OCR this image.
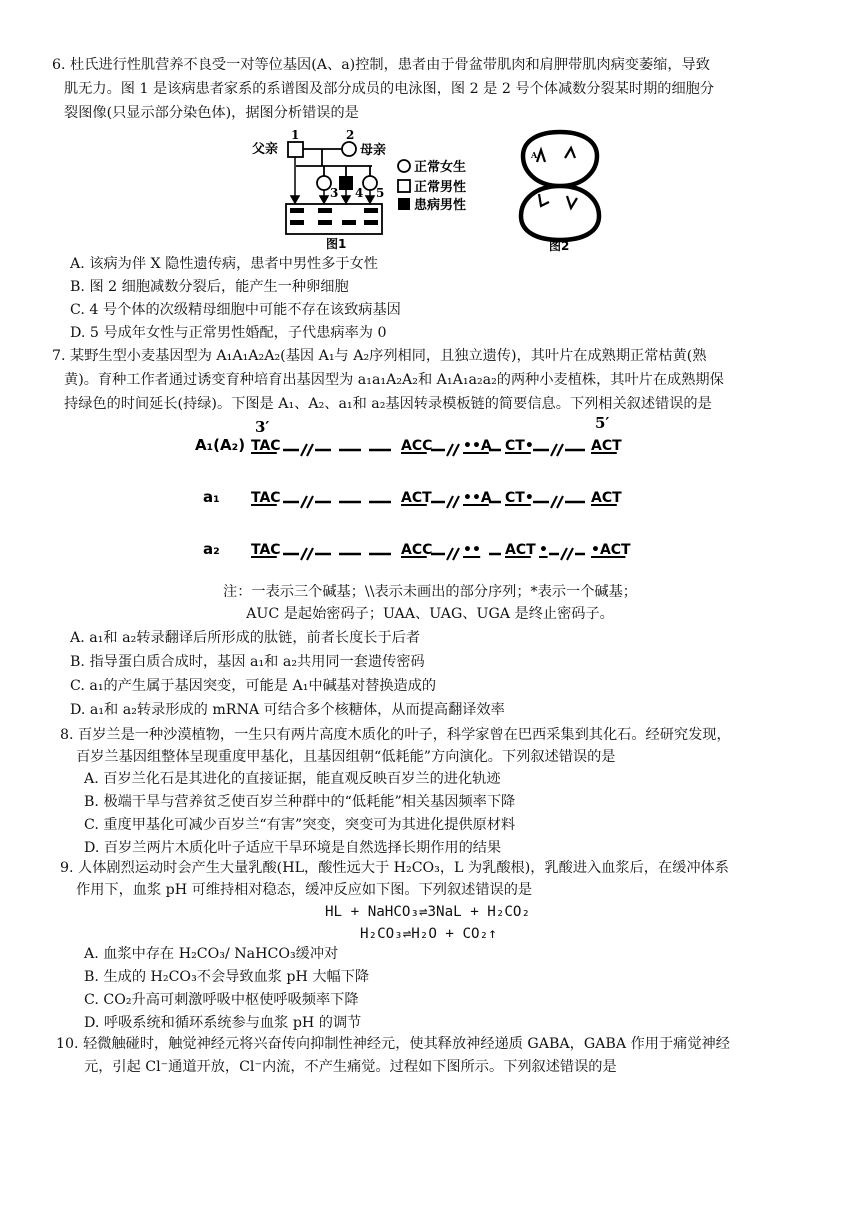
6. 杜氏进行性肌营养不良受一对等位基因(A、a)控制，患者由于骨盆带肌肉和肩胛带肌肉病变萎缩，导致
肌无力。图 1 是该病患者家系的系谱图及部分成员的电泳图，图 2 是 2 号个体减数分裂某时期的细胞分
裂图像(只显示部分染色体)，据图分析错误的是
父亲
1	2
母亲
3 4 5
图1
正常女生
正常男性
患病男性
A
图2
A. 该病为伴 X 隐性遗传病，患者中男性多于女性
B. 图 2 细胞减数分裂后，能产生一种卵细胞
C. 4 号个体的次级精母细胞中可能不存在该致病基因
D. 5 号成年女性与正常男性婚配，子代患病率为 0
7. 某野生型小麦基因型为 A₁A₁A₂A₂(基因 A₁与 A₂序列相同，且独立遗传)，其叶片在成熟期正常枯黄(熟
黄)。育种工作者通过诱变育种培育出基因型为 a₁a₁A₂A₂和 A₁A₁a₂a₂的两种小麦植株，其叶片在成熟期保
持绿色的时间延长(持绿)。下图是 A₁、A₂、a₁和 a₂基因转录模板链的简要信息。下列相关叙述错误的是
3′	5′
A₁(A₂) TAC	ACC ••A CT•	ACT
a₁ TAC	ACT ••A CT•	ACT
a₂ TAC	ACC •• ACT •	•ACT
注：一表示三个碱基；\\表示未画出的部分序列；*表示一个碱基；
AUC 是起始密码子；UAA、UAG、UGA 是终止密码子。
A. a₁和 a₂转录翻译后所形成的肽链，前者长度长于后者
B. 指导蛋白质合成时，基因 a₁和 a₂共用同一套遗传密码
C. a₁的产生属于基因突变，可能是 A₁中碱基对替换造成的
D. a₁和 a₂转录形成的 mRNA 可结合多个核糖体，从而提高翻译效率
8. 百岁兰是一种沙漠植物，一生只有两片高度木质化的叶子，科学家曾在巴西采集到其化石。经研究发现，
百岁兰基因组整体呈现重度甲基化，且基因组朝“低耗能”方向演化。下列叙述错误的是
A. 百岁兰化石是其进化的直接证据，能直观反映百岁兰的进化轨迹
B. 极端干旱与营养贫乏使百岁兰种群中的“低耗能”相关基因频率下降
C. 重度甲基化可减少百岁兰“有害”突变，突变可为其进化提供原材料
D. 百岁兰两片木质化叶子适应干旱环境是自然选择长期作用的结果
9. 人体剧烈运动时会产生大量乳酸(HL，酸性远大于 H₂CO₃，L 为乳酸根)，乳酸进入血浆后，在缓冲体系
作用下，血浆 pH 可维持相对稳态，缓冲反应如下图。下列叙述错误的是
HL + NaHCO₃⇌3NaL + H₂CO₂
H₂CO₃⇌H₂O + CO₂↑
A. 血浆中存在 H₂CO₃/ NaHCO₃缓冲对
B. 生成的 H₂CO₃不会导致血浆 pH 大幅下降
C. CO₂升高可刺激呼吸中枢使呼吸频率下降
D. 呼吸系统和循环系统参与血浆 pH 的调节
10. 轻微触碰时，触觉神经元将兴奋传向抑制性神经元，使其释放神经递质 GABA，GABA 作用于痛觉神经
元，引起 Cl⁻通道开放，Cl⁻内流，不产生痛觉。过程如下图所示。下列叙述错误的是
